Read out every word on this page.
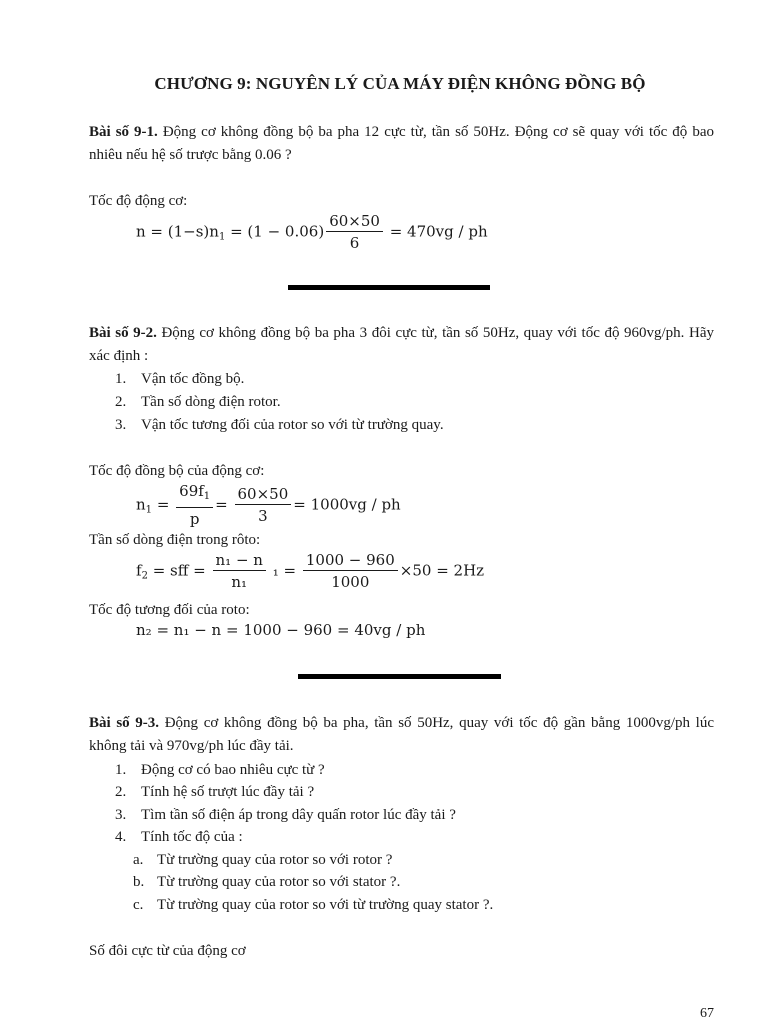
CHƯƠNG 9: NGUYÊN LÝ CỦA MÁY ĐIỆN KHÔNG ĐỒNG BỘ
Bài số 9-1. Động cơ không đồng bộ ba pha 12 cực từ, tần số 50Hz. Động cơ sẽ quay với tốc độ bao nhiêu nếu hệ số trược bằng 0.06 ?
Tốc độ động cơ:
$n = (1-s)n_1 = (1 - 0.06) \frac{60\times 50}{6} = 470vg$ / ph
Bài số 9-2. Động cơ không đồng bộ ba pha 3 đôi cực từ, tần số 50Hz, quay với tốc độ 960vg/ph. Hãy xác định :
1. Vận tốc đồng bộ.
2. Tần số dòng điện rotor.
3. Vận tốc tương đối của rotor so với từ trường quay.
Tốc độ đồng bộ của động cơ:
$n_1 = \frac{69f_1}{p} = \frac{60\times 50}{3} = 1000vg$ / ph
Tần số dòng điện trong rôto:
$f_2$ = sff = $\frac{\text{n₁ − n}}{\text{n₁}} _1 = \frac{1000 - 960}{1000} \times 50 = 2Hz$
Tốc độ tương đối của roto:
n₂ = n₁ − n = 1000 − 960 = 40vg / ph
Bài số 9-3. Động cơ không đồng bộ ba pha, tần số 50Hz, quay với tốc độ gần bằng 1000vg/ph lúc không tải và 970vg/ph lúc đầy tải.
1. Động cơ có bao nhiêu cực từ ?
2. Tính hệ số trượt lúc đầy tải ?
3. Tìm tần số điện áp trong dây quấn rotor lúc đầy tải ?
4. Tính tốc độ của :
a. Từ trường quay của rotor so với rotor ?
b. Từ trường quay của rotor so với stator ?.
c. Từ trường quay của rotor so với từ trường quay stator ?.
Số đôi cực từ của động cơ
67
